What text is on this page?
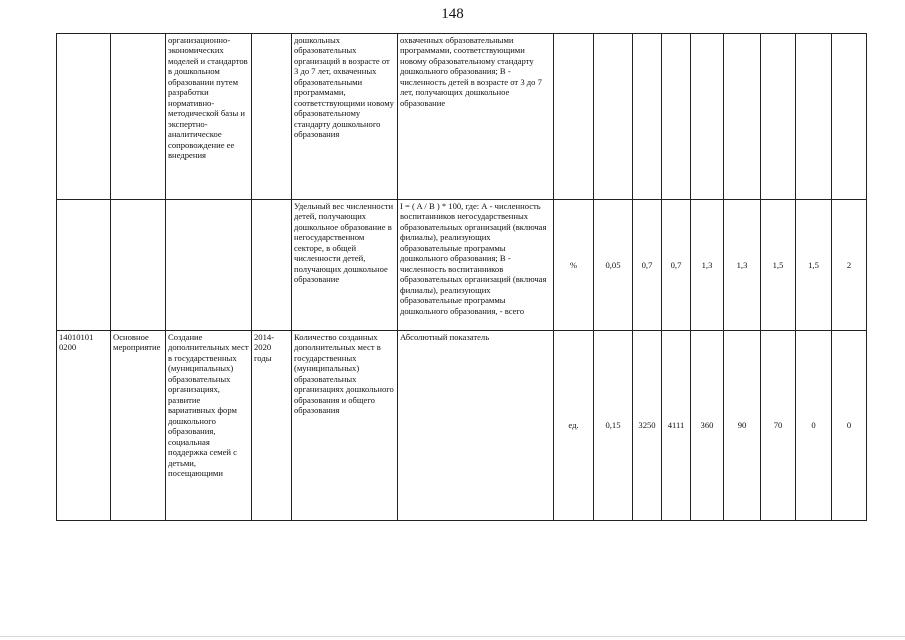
148
		организационно-экономических моделей и стандартов в дошкольном образовании путем разработки нормативно-методической базы и экспертно-аналитическое сопровождение ее внедрения		дошкольных образовательных организаций в возрасте от 3 до 7 лет, охваченных образовательными программами, соответствующими новому образовательному стандарту дошкольного образования	охваченных образовательными программами, соответствующими новому образовательному стандарту дошкольного образования; В - численность детей в возрасте от 3 до 7 лет, получающих дошкольное образование									
				Удельный вес численности детей, получающих дошкольное образование в негосударственном секторе, в общей численности детей, получающих дошкольное образование	I = ( A / B ) * 100, где: А - численность воспитанников негосударственных образовательных организаций (включая филиалы), реализующих образовательные программы дошкольного образования; В - численность воспитанников образовательных организаций (включая филиалы), реализующих образовательные программы дошкольного образования, - всего	%	0,05	0,7	0,7	1,3	1,3	1,5	1,5	2
14010101 0200	Основное мероприятие	Создание дополнительных мест в государственных (муниципальных) образовательных организациях, развитие вариативных форм дошкольного образования, социальная поддержка семей с детьми, посещающими	2014-2020 годы	Количество созданных дополнительных мест в государственных (муниципальных) образовательных организациях дошкольного образования и общего образования	Абсолютный показатель	ед.	0,15	3250	4111	360	90	70	0	0
